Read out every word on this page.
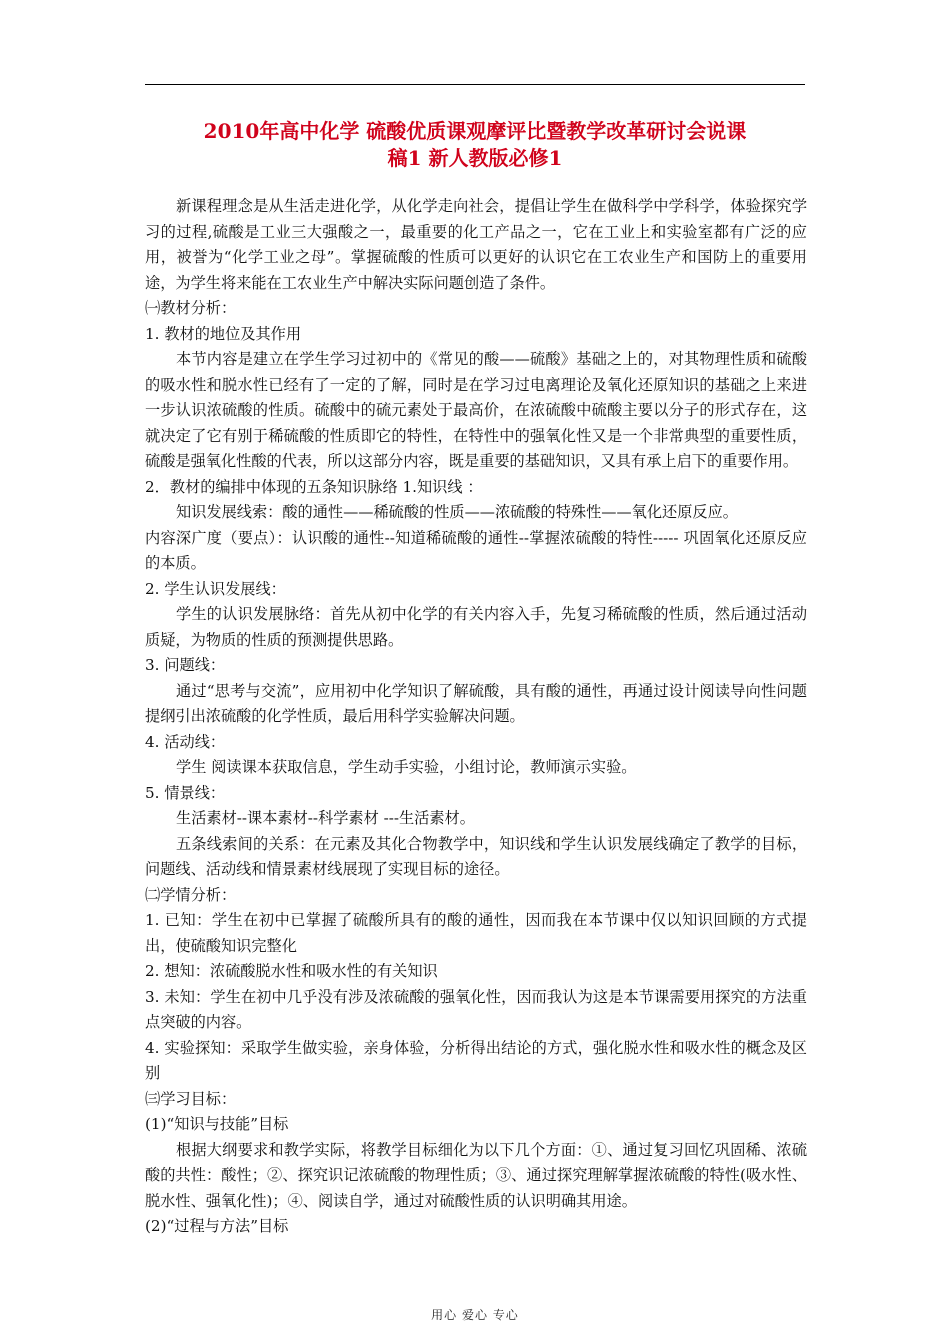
2010年高中化学 硫酸优质课观摩评比暨教学改革研讨会说课
稿1 新人教版必修1

新课程理念是从生活走进化学，从化学走向社会，提倡让学生在做科学中学科学，体验探究学习的过程,硫酸是工业三大强酸之一，最重要的化工产品之一，它在工业上和实验室都有广泛的应用，被誉为“化学工业之母”。掌握硫酸的性质可以更好的认识它在工农业生产和国防上的重要用途，为学生将来能在工农业生产中解决实际问题创造了条件。

㈠教材分析：

1. 教材的地位及其作用

本节内容是建立在学生学习过初中的《常见的酸——硫酸》基础之上的，对其物理性质和硫酸的吸水性和脱水性已经有了一定的了解，同时是在学习过电离理论及氧化还原知识的基础之上来进一步认识浓硫酸的性质。硫酸中的硫元素处于最高价，在浓硫酸中硫酸主要以分子的形式存在，这就决定了它有别于稀硫酸的性质即它的特性，在特性中的强氧化性又是一个非常典型的重要性质，硫酸是强氧化性酸的代表，所以这部分内容，既是重要的基础知识，又具有承上启下的重要作用。

2．教材的编排中体现的五条知识脉络 1.知识线 ：

知识发展线索：酸的通性——稀硫酸的性质——浓硫酸的特殊性——氧化还原反应。

内容深广度（要点）：认识酸的通性--知道稀硫酸的通性--掌握浓硫酸的特性----- 巩固氧化还原反应的本质。

2. 学生认识发展线：

学生的认识发展脉络：首先从初中化学的有关内容入手，先复习稀硫酸的性质，然后通过活动质疑，为物质的性质的预测提供思路。

3. 问题线：

通过“思考与交流”，应用初中化学知识了解硫酸，具有酸的通性，再通过设计阅读导向性问题提纲引出浓硫酸的化学性质，最后用科学实验解决问题。

4. 活动线：

学生 阅读课本获取信息，学生动手实验，小组讨论，教师演示实验。

5. 情景线：

生活素材--课本素材--科学素材 ---生活素材。

五条线索间的关系：在元素及其化合物教学中，知识线和学生认识发展线确定了教学的目标，问题线、活动线和情景素材线展现了实现目标的途径。

㈡学情分析：

1. 已知：学生在初中已掌握了硫酸所具有的酸的通性，因而我在本节课中仅以知识回顾的方式提出，使硫酸知识完整化

2. 想知：浓硫酸脱水性和吸水性的有关知识

3. 未知：学生在初中几乎没有涉及浓硫酸的强氧化性，因而我认为这是本节课需要用探究的方法重点突破的内容。

4. 实验探知：采取学生做实验，亲身体验，分析得出结论的方式，强化脱水性和吸水性的概念及区别

㈢学习目标：

(1)“知识与技能”目标

根据大纲要求和教学实际，将教学目标细化为以下几个方面：①、通过复习回忆巩固稀、浓硫酸的共性：酸性；②、探究识记浓硫酸的物理性质；③、通过探究理解掌握浓硫酸的特性(吸水性、脱水性、强氧化性)；④、阅读自学，通过对硫酸性质的认识明确其用途。

(2)“过程与方法”目标

用心 爱心 专心
